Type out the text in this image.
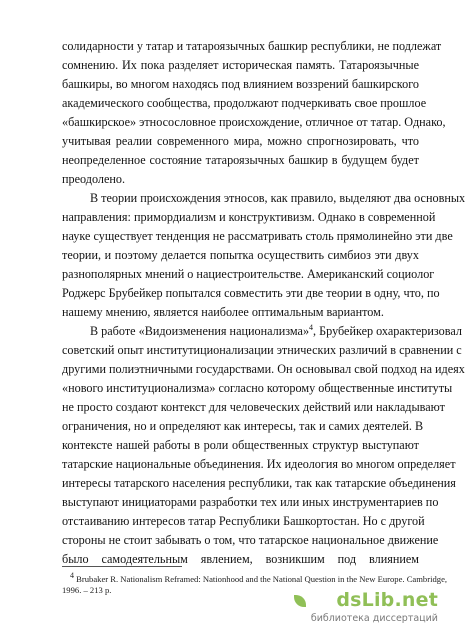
солидарности у татар и татароязычных башкир республики, не подлежат
сомнению. Их пока разделяет историческая память. Татароязычные
башкиры, во многом находясь под влиянием воззрений башкирского
академического сообщества, продолжают подчеркивать свое прошлое
«башкирское» этносословное происхождение, отличное от татар. Однако,
учитывая реалии современного мира, можно спрогнозировать, что
неопределенное состояние татароязычных башкир в будущем будет
преодолено.
В теории происхождения этносов, как правило, выделяют два основных
направления: примордиализм и конструктивизм. Однако в современной
науке существует тенденция не рассматривать столь прямолинейно эти две
теории, и поэтому делается попытка осуществить симбиоз эти двух
разнополярных мнений о нациестроительстве. Американский социолог
Роджерс Брубейкер попытался совместить эти две теории в одну, что, по
нашему мнению, является наиболее оптимальным вариантом.
В работе «Видоизменения национализма»$^4$, Брубейкер охарактеризовал
советский опыт институтиционализации этнических различий в сравнении с
другими полиэтничными государствами. Он основывал свой подход на идеях
«нового институционализма» согласно которому общественные институты
не просто создают контекст для человеческих действий или накладывают
ограничения, но и определяют как интересы, так и самих деятелей. В
контексте нашей работы в роли общественных структур выступают
татарские национальные объединения. Их идеология во многом определяет
интересы татарского населения республики, так как татарские объединения
выступают инициаторами разработки тех или иных инструментариев по
отстаиванию интересов татар Республики Башкортостан. Но с другой
стороны не стоит забывать о том, что татарское национальное движение
было самодеятельным явлением, возникшим под влиянием
$^4$ Brubaker R. Nationalism Reframed: Nationhood and the National Question in the New Europe. Cambridge,
1996. – 213 p.	dsLib.net
библиотека диссертаций
